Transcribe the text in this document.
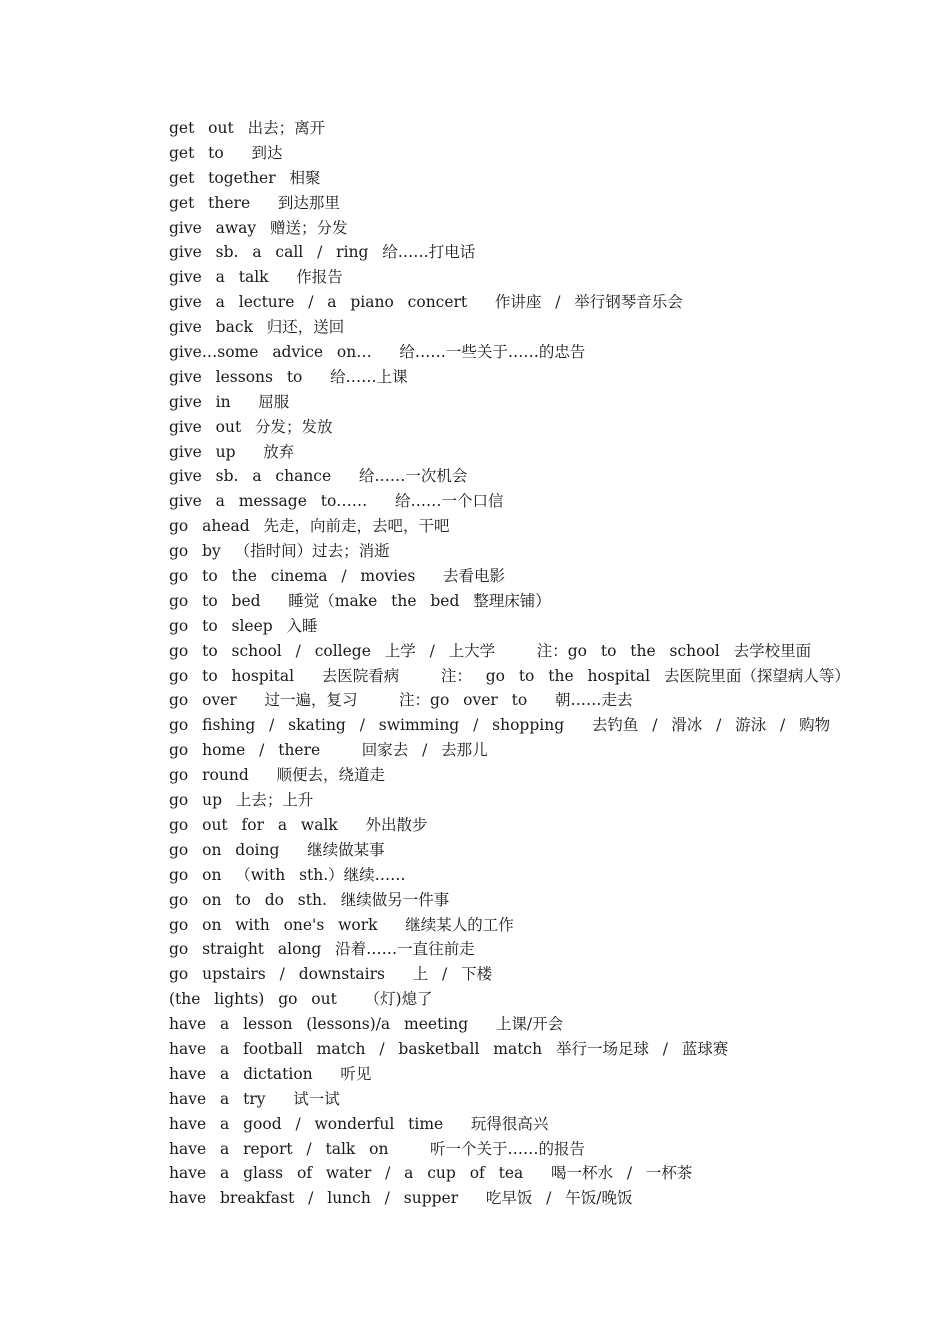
get  out  出去；离开
get  to    到达
get  together  相聚
get  there    到达那里
give  away  赠送；分发
give  sb.  a  call  /  ring  给……打电话
give  a  talk    作报告
give  a  lecture  /  a  piano  concert    作讲座  /  举行钢琴音乐会
give  back  归还，送回
give…some  advice  on…    给……一些关于……的忠告
give  lessons  to    给……上课
give  in    屈服
give  out  分发；发放
give  up    放弃
give  sb.  a  chance    给……一次机会
give  a  message  to……    给……一个口信
go  ahead  先走，向前走，去吧，干吧
go  by  （指时间）过去；消逝
go  to  the  cinema  /  movies    去看电影
go  to  bed    睡觉（make  the  bed  整理床铺）
go  to  sleep  入睡
go  to  school  /  college  上学  /  上大学      注：go  to  the  school  去学校里面
go  to  hospital    去医院看病      注：  go  to  the  hospital  去医院里面（探望病人等）
go  over    过一遍，复习      注：go  over  to    朝……走去
go  fishing  /  skating  /  swimming  /  shopping    去钓鱼  /  滑冰  /  游泳  /  购物
go  home  /  there      回家去  /  去那儿
go  round    顺便去，绕道走
go  up  上去；上升
go  out  for  a  walk    外出散步
go  on  doing    继续做某事
go  on  （with  sth.）继续……
go  on  to  do  sth.  继续做另一件事
go  on  with  one's  work    继续某人的工作
go  straight  along  沿着……一直往前走
go  upstairs  /  downstairs    上  /  下楼
(the  lights)  go  out    （灯)熄了
have  a  lesson  (lessons)/a  meeting    上课/开会
have  a  football  match  /  basketball  match  举行一场足球  /  蓝球赛
have  a  dictation    听见
have  a  try    试一试
have  a  good  /  wonderful  time    玩得很高兴
have  a  report  /  talk  on      听一个关于……的报告
have  a  glass  of  water  /  a  cup  of  tea    喝一杯水  /  一杯茶
have  breakfast  /  lunch  /  supper    吃早饭  /  午饭/晚饭
